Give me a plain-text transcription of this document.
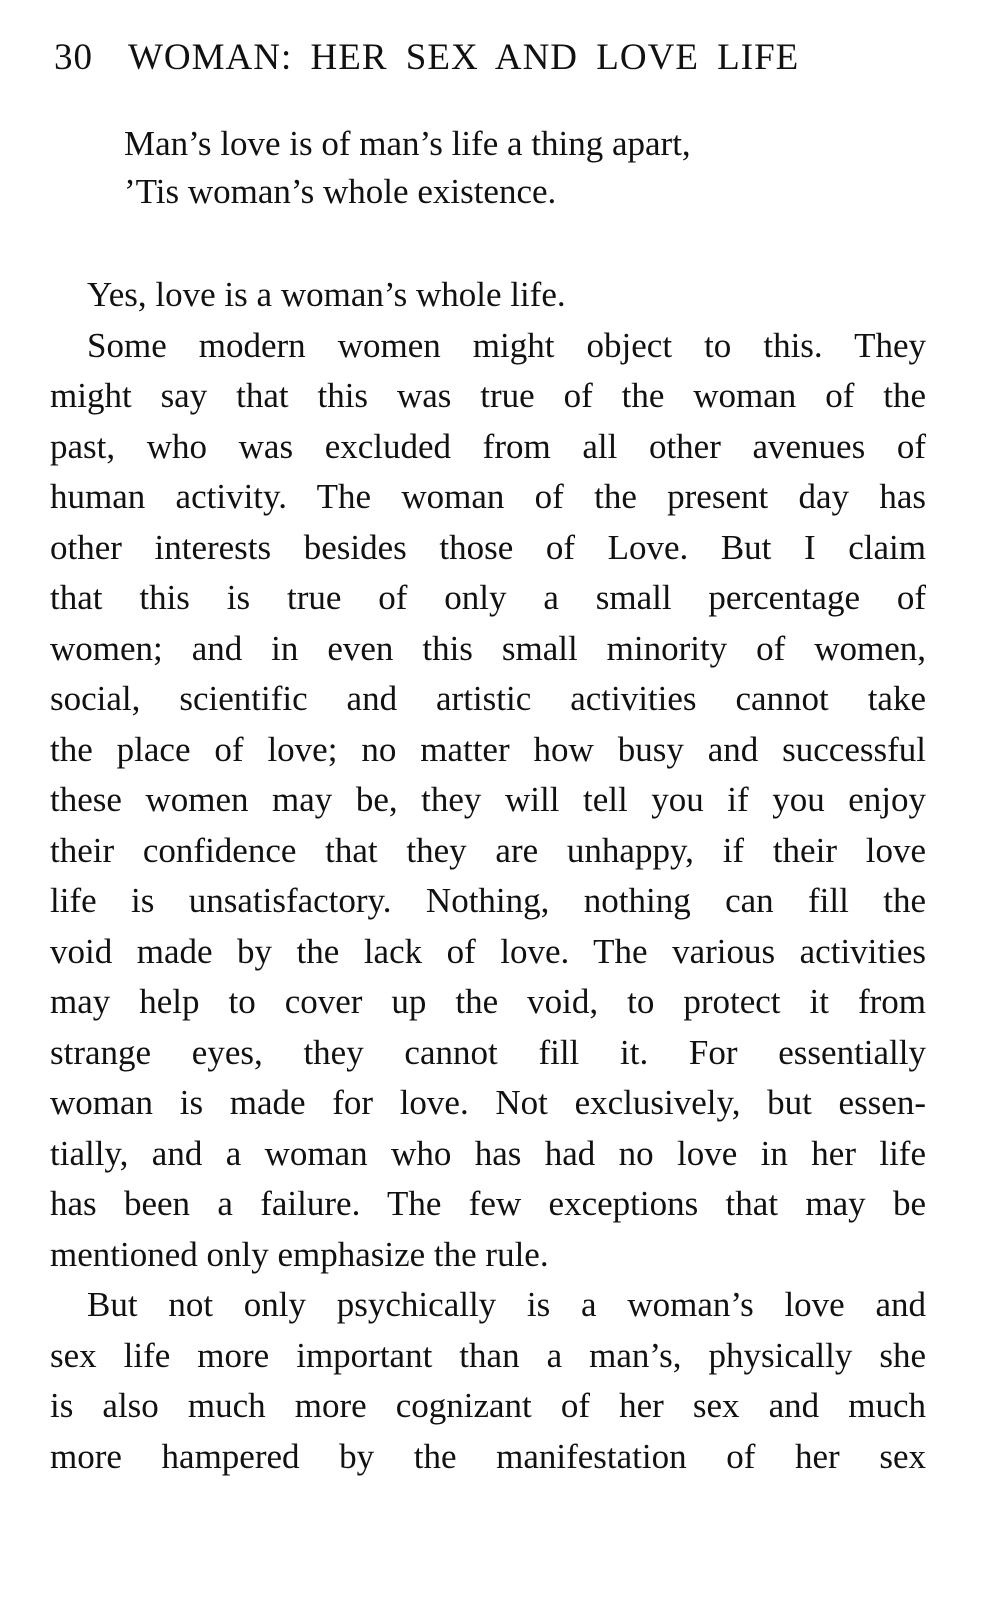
30 WOMAN: HER SEX AND LOVE LIFE
Man’s love is of man’s life a thing apart,
’Tis woman’s whole existence.
Yes, love is a woman’s whole life.
Some modern women might object to this. They
might say that this was true of the woman of the
past, who was excluded from all other avenues of
human activity. The woman of the present day has
other interests besides those of Love. But I claim
that this is true of only a small percentage of
women; and in even this small minority of women,
social, scientific and artistic activities cannot take
the place of love; no matter how busy and successful
these women may be, they will tell you if you enjoy
their confidence that they are unhappy, if their love
life is unsatisfactory. Nothing, nothing can fill the
void made by the lack of love. The various activities
may help to cover up the void, to protect it from
strange eyes, they cannot fill it. For essentially
woman is made for love. Not exclusively, but essen-
tially, and a woman who has had no love in her life
has been a failure. The few exceptions that may be
mentioned only emphasize the rule.
But not only psychically is a woman’s love and
sex life more important than a man’s, physically she
is also much more cognizant of her sex and much
more hampered by the manifestation of her sex
